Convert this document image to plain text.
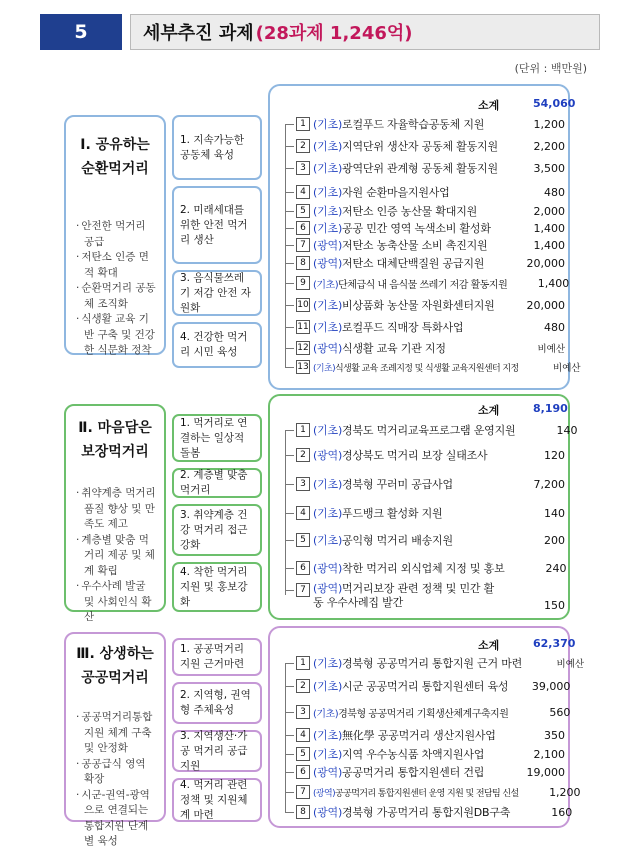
5	세부추진 과제 (28과제 1,246억)
(단위 : 백만원)
Ⅰ. 공유하는
순환먹거리
· 안전한 먹거리 공급
· 저탄소 인증 면적 확대
· 순환먹거리 공동체 조직화
· 식생활 교육 기반 구축 및 건강한 식문화 정착
1. 지속가능한 공동체 육성
2. 미래세대를 위한 안전 먹거리 생산
3. 음식물쓰레기 저감 안전 자원화
4. 건강한 먹거리 시민 육성
소계	54,060
1 (기초)로컬푸드 자율학습공동체 지원	1,200
2 (기초)지역단위 생산자 공동체 활동지원	2,200
3 (기초)광역단위 관계형 공동체 활동지원	3,500
4 (기초)자원 순환마을지원사업	480
5 (기초)저탄소 인증 농산물 확대지원	2,000
6 (기초)공공 민간 영역 녹색소비 활성화	1,400
7 (광역)저탄소 농축산물 소비 촉진지원	1,400
8 (광역)저탄소 대체단백질원 공급지원	20,000
9 (기초)단체급식 내 음식물 쓰레기 저감 활동지원	1,400
10 (기초)비상품화 농산물 자원화센터지원	20,000
11 (기초)로컬푸드 직매장 특화사업	480
12 (광역)식생활 교육 기관 지정	비예산
13 (기초)식생활 교육 조례지정 및 식생활 교육지원센터 지정	비예산
Ⅱ. 마음담은
보장먹거리
· 취약계층 먹거리 품질 향상 및 만족도 제고
· 계층별 맞춤 먹거리 제공 및 체계 확립
· 우수사례 발굴 및 사회인식 확산
1. 먹거리로 연결하는 일상적 돌봄
2. 계층별 맞춤 먹거리
3. 취약계층 건강 먹거리 접근 강화
4. 착한 먹거리지원 및 홍보강화
소계	8,190
1 (기초)경북도 먹거리교육프로그램 운영지원	140
2 (광역)경상북도 먹거리 보장 실태조사	120
3 (기초)경북형 꾸러미 공급사업	7,200
4 (기초)푸드뱅크 활성화 지원	140
5 (기초)공익형 먹거리 배송지원	200
6 (광역)착한 먹거리 외식업체 지정 및 홍보	240
7 (광역)먹거리보장 관련 정책 및 민간 활동 우수사례집 발간	150
Ⅲ. 상생하는
공공먹거리
· 공공먹거리통합지원 체계 구축 및 안정화
· 공공급식 영역 확장
· 시군-권역-광역으로 연결되는 통합지원 단계별 육성
1. 공공먹거리 지원 근거마련
2. 지역형, 권역형 주체육성
3. 지역생산·가공 먹거리 공급 지원
4. 먹거리 관련 정책 및 지원체계 마련
소계	62,370
1 (기초)경북형 공공먹거리 통합지원 근거 마련	비예산
2 (기초)시군 공공먹거리 통합지원센터 육성	39,000
3 (기초)경북형 공공먹거리 기획생산체계구축지원	560
4 (기초)無化學 공공먹거리 생산지원사업	350
5 (기초)지역 우수농식품 차액지원사업	2,100
6 (광역)공공먹거리 통합지원센터 건립	19,000
7 (광역)공공먹거리 통합지원센터 운영 지원 및 전담팀 신설	1,200
8 (광역)경북형 가공먹거리 통합지원DB구축	160
